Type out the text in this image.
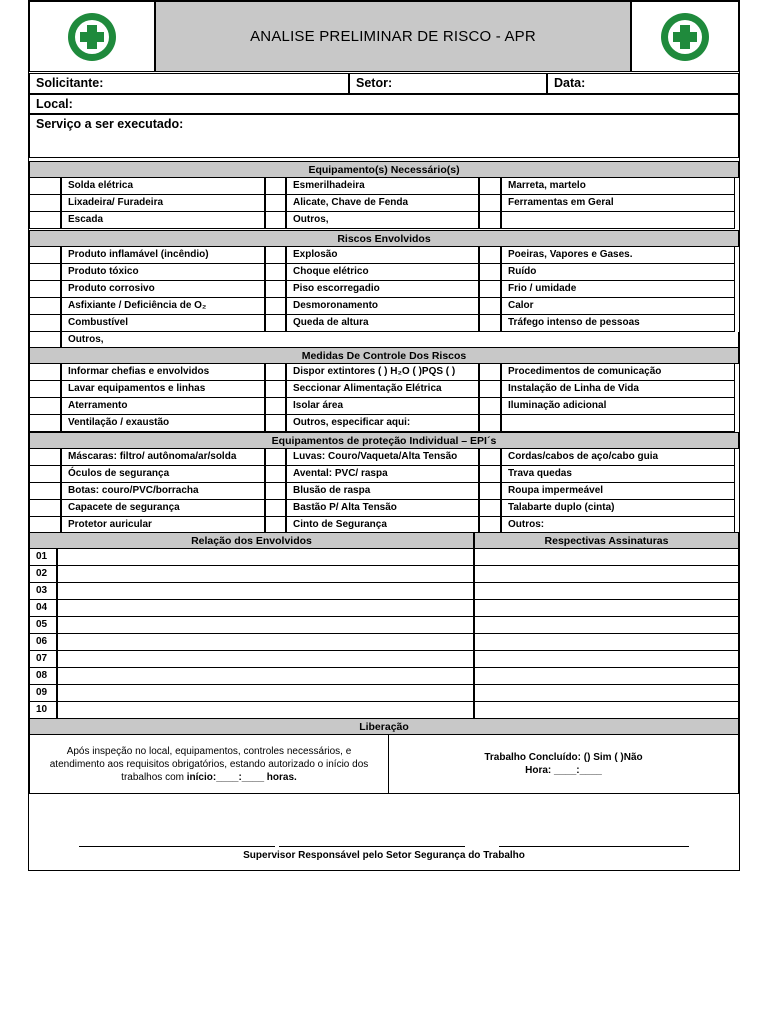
ANALISE PRELIMINAR DE RISCO - APR
Solicitante:	Setor:	Data:
Local:
Serviço a ser executado:
Equipamento(s) Necessário(s)
Solda elétrica	Esmerilhadeira	Marreta, martelo
Lixadeira/ Furadeira	Alicate, Chave de Fenda	Ferramentas em Geral
Escada	Outros,
Riscos Envolvidos
Produto inflamável (incêndio)	Explosão	Poeiras, Vapores e Gases.
Produto tóxico	Choque elétrico	Ruído
Produto corrosivo	Piso escorregadio	Frio / umidade
Asfixiante / Deficiência de O₂	Desmoronamento	Calor
Combustível	Queda de altura	Tráfego intenso de pessoas
Outros,
Medidas De Controle Dos Riscos
Informar chefias e envolvidos	Dispor extintores ( ) H₂O ( )PQS ( )	Procedimentos de comunicação
Lavar equipamentos e linhas	Seccionar Alimentação Elétrica	Instalação de Linha de Vida
Aterramento	Isolar área	Iluminação adicional
Ventilação / exaustão	Outros, especificar aqui:
Equipamentos de proteção Individual – EPI´s
Máscaras: filtro/ autônoma/ar/solda	Luvas: Couro/Vaqueta/Alta Tensão	Cordas/cabos de aço/cabo guia
Óculos de segurança	Avental: PVC/ raspa	Trava quedas
Botas: couro/PVC/borracha	Blusão de raspa	Roupa impermeável
Capacete de segurança	Bastão P/ Alta Tensão	Talabarte duplo (cinta)
Protetor auricular	Cinto de Segurança	Outros:
Relação dos Envolvidos	Respectivas Assinaturas
01
02
03
04
05
06
07
08
09
10
Liberação
Após inspeção no local, equipamentos, controles necessários, e
atendimento aos requisitos obrigatórios, estando autorizado o início dos
trabalhos com início:____:____ horas.
Trabalho Concluído: () Sim ( )Não
Hora: ____:____
Supervisor Responsável pelo Setor Segurança do Trabalho
